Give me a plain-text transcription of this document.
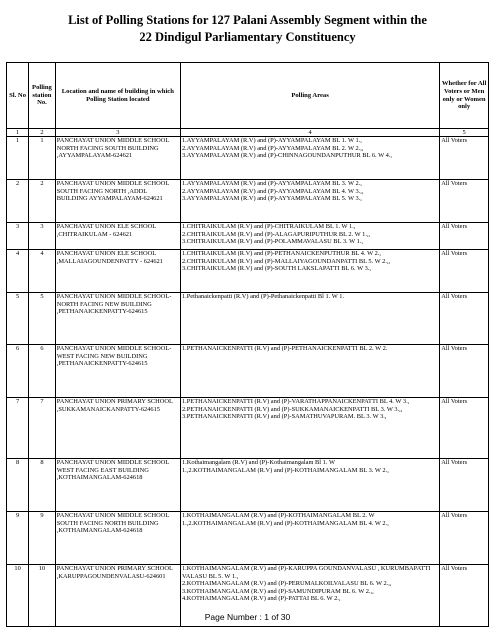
List of Polling Stations for 127 Palani Assembly Segment within the
22 Dindigul Parliamentary Constituency
Sl. No	Polling station No.	Location and name of building in which Polling Station located	Polling Areas	Whether for All Voters or Men only or Women only
1	2	3	4	5
1	1	PANCHAYAT UNION MIDDLE SCHOOL NORTH FACING SOUTH BUILDING ,AYYAMPALAYAM-624621	1.AYYAMPALAYAM (R.V) and (P)-AYYAMPALAYAM BL 1. W 1.,
2.AYYAMPALAYAM (R.V) and (P)-AYYAMPALAYAM BL 2. W 2.,,
3.AYYAMPALAYAM (R.V) and (P)-CHINNAGOUNDANPUTHUR BL 6. W 4.,	All Voters
2	2	PANCHAYAT UNION MIDDLE SCHOOL SOUTH FACING NORTH ,ADDL BUILDING AYYAMPALAYAM-624621	1.AYYAMPALAYAM (R.V) and (P)-AYYAMPALAYAM BL 3. W 2.,
2.AYYAMPALAYAM (R.V) and (P)-AYYAMPALAYAM BL 4. W 3.,,
3.AYYAMPALAYAM (R.V) and (P)-AYYAMPALAYAM BL 5. W 3.,	All Voters
3	3	PANCHAYAT UNION ELE SCHOOL ,CHITRAIKULAM - 624621	1.CHITRAIKULAM (R.V) and (P)-CHITRAIKULAM BL 1. W 1.,
2.CHITRAIKULAM (R.V) and (P)-ALAGAPURIPUTHUR BL 2. W 1.,,
3.CHITRAIKULAM (R.V) and (P)-POLAMMAVALASU BL 3. W 1.,	All Voters
4	4	PANCHAYAT UNION ELE SCHOOL ,MALLAIAGOUNDENPATTY - 624621	1.CHITRAIKULAM (R.V) and (P)-PETHANAICKENPUTHUR BL 4. W 2.,
2.CHITRAIKULAM (R.V) and (P)-MALLAIYAGOUNDANPATTI BL 5. W 2.,,
3.CHITRAIKULAM (R.V) and (P)-SOUTH LAKSLAPATTI BL 6. W 3.,	All Voters
5	5	PANCHAYAT UNION MIDDLE SCHOOL-NORTH FACING NEW BUILDING ,PETHANAICKENPATTY-624615	1.Pethanaickenpatti (R.V) and (P)-Pethanaickenpatti Bl 1. W 1.	All Voters
6	6	PANCHAYAT UNION MIDDLE SCHOOL-WEST FACING NEW BUILDING ,PETHANAICKENPATTY-624615	1.PETHANAICKENPATTI (R.V) and (P)-PETHANAICKENPATTI BL 2. W 2.	All Voters
7	7	PANCHAYAT UNION PRIMARY SCHOOL ,SUKKAMANAICKANPATTY-624615	1.PETHANAICKENPATTI (R.V) and (P)-VARATHAPPANAICKENPATTI BL 4. W 3.,
2.PETHANAICKENPATTI (R.V) and (P)-SUKKAMANAICKENPATTI BL 3. W 3.,,
3.PETHANAICKENPATTI (R.V) and (P)-SAMATHUVAPURAM. BL 3. W 3.,	All Voters
8	8	PANCHAYAT UNION MIDDLE SCHOOL WEST FACING EAST BUILDING ,KOTHAIMANGALAM-624618	1.Kothaimangalam (R.V) and (P)-Kothaimangalam Bl 1. W
1.,2.KOTHAIMANGALAM (R.V) and (P)-KOTHAIMANGALAM BL 3. W 2.,	All Voters
9	9	PANCHAYAT UNION MIDDLE SCHOOL SOUTH FACING NORTH BUILDING ,KOTHAIMANGALAM-624618	1.KOTHAIMANGALAM (R.V) and (P)-KOTHAIMANGALAM BL 2. W
1.,2.KOTHAIMANGALAM (R.V) and (P)-KOTHAIMANGALAM BL 4. W 2.,	All Voters
10	10	PANCHAYAT UNION PRIMARY SCHOOL ,KARUPPAGOUNDENVALASU-624601	1.KOTHAIMANGALAM (R.V) and (P)-KARUPPA GOUNDANVALASU , KURUMBAPATTI VALASU BL 5. W 1.,
2.KOTHAIMANGALAM (R.V) and (P)-PERUMALKOILVALASU BL 6. W 2.,,
3.KOTHAIMANGALAM (R.V) and (P)-SAMUNDIPURAM BL 6. W 2.,,
4.KOTHAIMANGALAM (R.V) and (P)-PATTAI BL 6. W 2.,	All Voters
Page Number : 1 of 30
